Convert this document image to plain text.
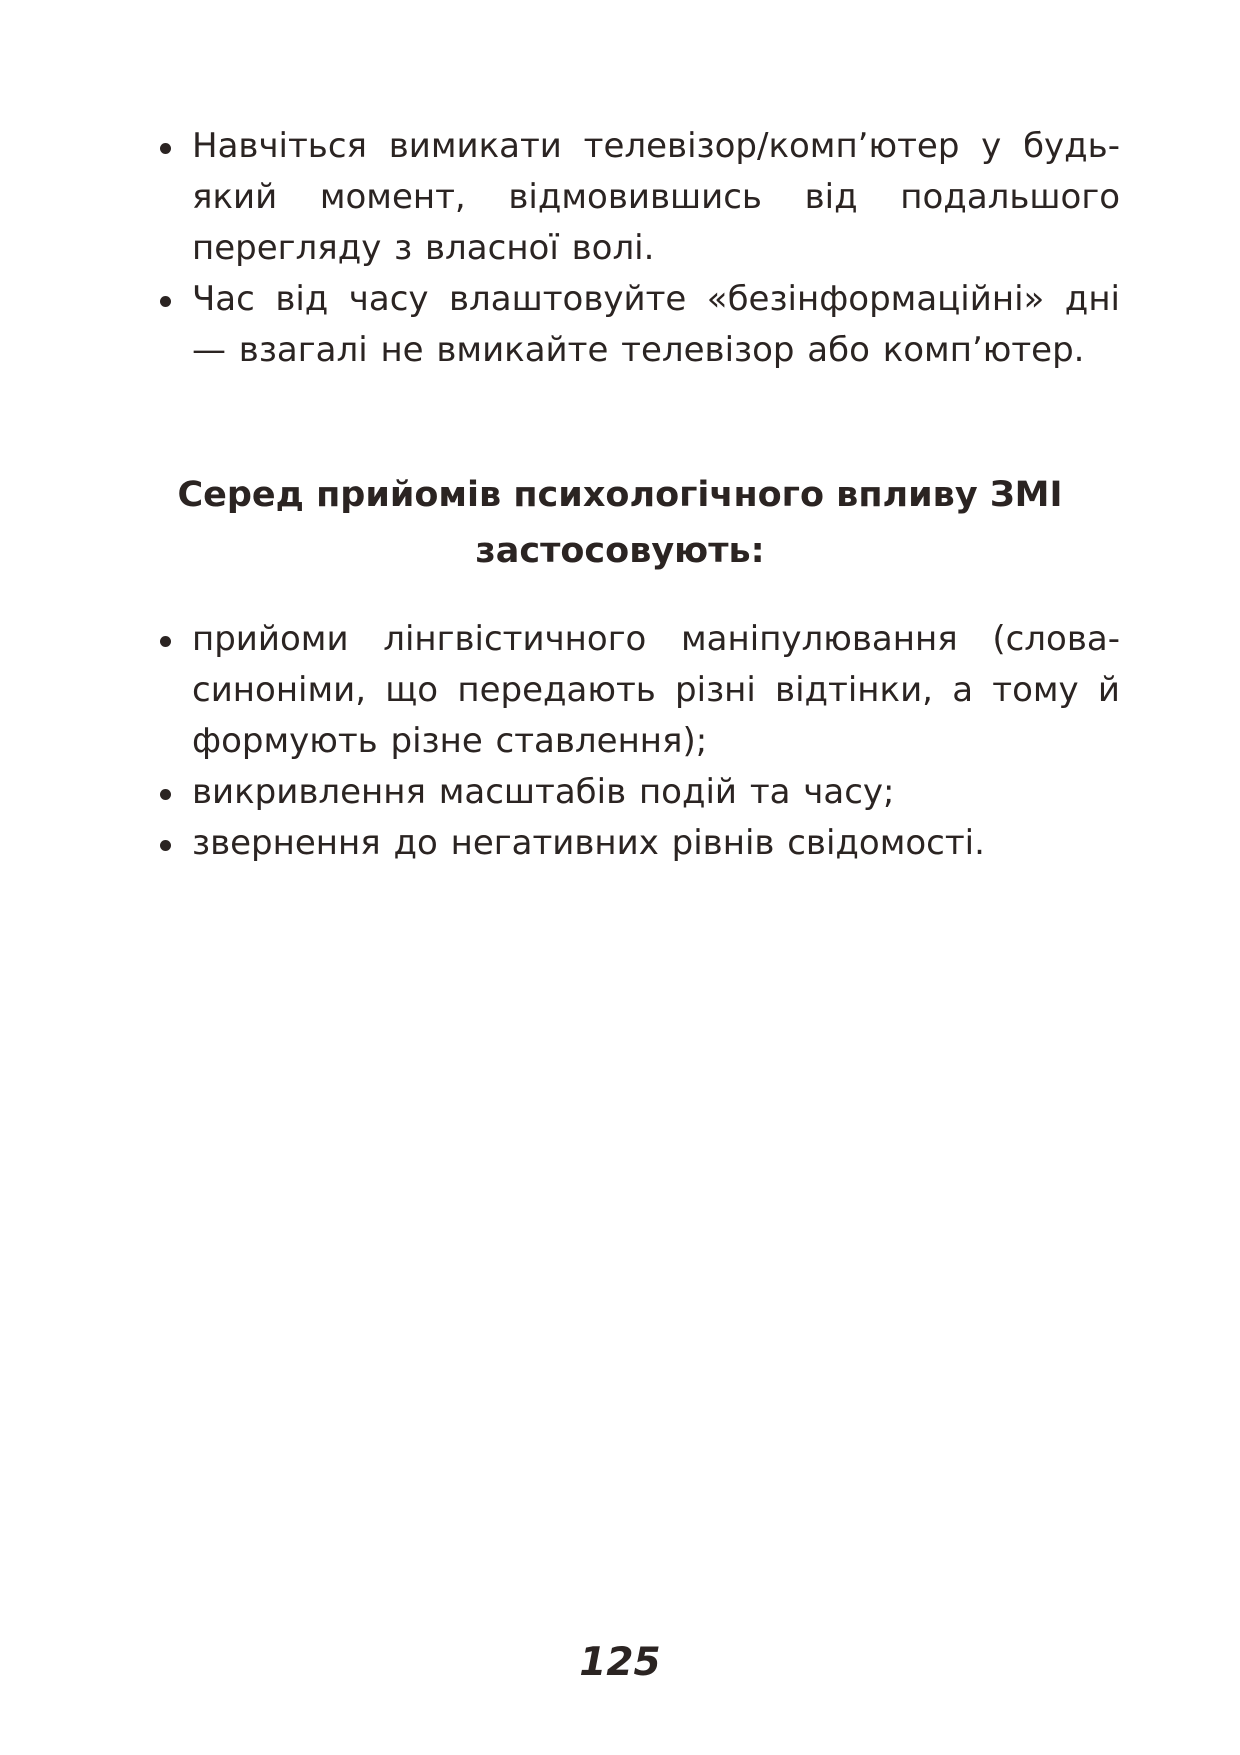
Навчіться вимикати телевізор/комп’ютер у будь-який момент, відмовившись від подальшого перегляду з власної волі.
Час від часу влаштовуйте «безінформаційні» дні — взагалі не вмикайте телевізор або комп’ютер.
Серед прийомів психологічного впливу ЗМІ застосовують:
прийоми лінгвістичного маніпулювання (слова-синоніми, що передають різні відтінки, а тому й формують різне ставлення);
викривлення масштабів подій та часу;
звернення до негативних рівнів свідомості.
125
